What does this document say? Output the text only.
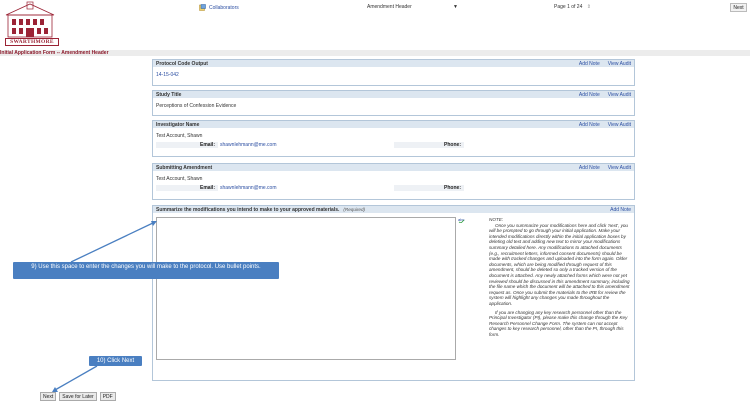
SWARTHMORE
Collaborators	Amendment Header	▼	Page 1 of 24 ⇕	Next
Initial Application Form -- Amendment Header
Protocol Code Output	Add Note View Audit
14-15-042
Study Title	Add Note View Audit
Perceptions of Confession Evidence
Investigator Name	Add Note View Audit
Test Account, Shawn
Email:	shawnlehmann@me.com	Phone:
Submitting Amendment	Add Note View Audit
Test Account, Shawn
Email:	shawnlehmann@me.com	Phone:
Summarize the modifications you intend to make to your approved materials. (Required)	Add Note
abc	NOTE:

Once you summarize your modifications here and click 'next', you will be prompted to go through your initial application. Make your intended modifications directly within the initial application boxes by deleting old text and adding new text to mirror your modifications summary detailed here. Any modifications to attached documents (e.g., recruitment letters, informed consent documents) should be made with tracked changes and uploaded into the form again. Older documents, which are being modified through request of this amendment, should be deleted so only a tracked version of the document is attached. Any newly attached forms which were not yet reviewed should be discussed in this amendment summary, including the file name which the document will be attached to this amendment request as. Once you submit the materials to the IRB for review the system will highlight any changes you made throughout the application.

If you are changing any key research personnel other than the Principal Investigator (PI), please make this change through the Key Research Personnel Change Form. The system can not accept changes to key research personnel, other than the PI, through this form.

9) Use this space to enter the changes you will make to the protocol. Use bullet points.
10) Click Next
Next	Save for Later	PDF
